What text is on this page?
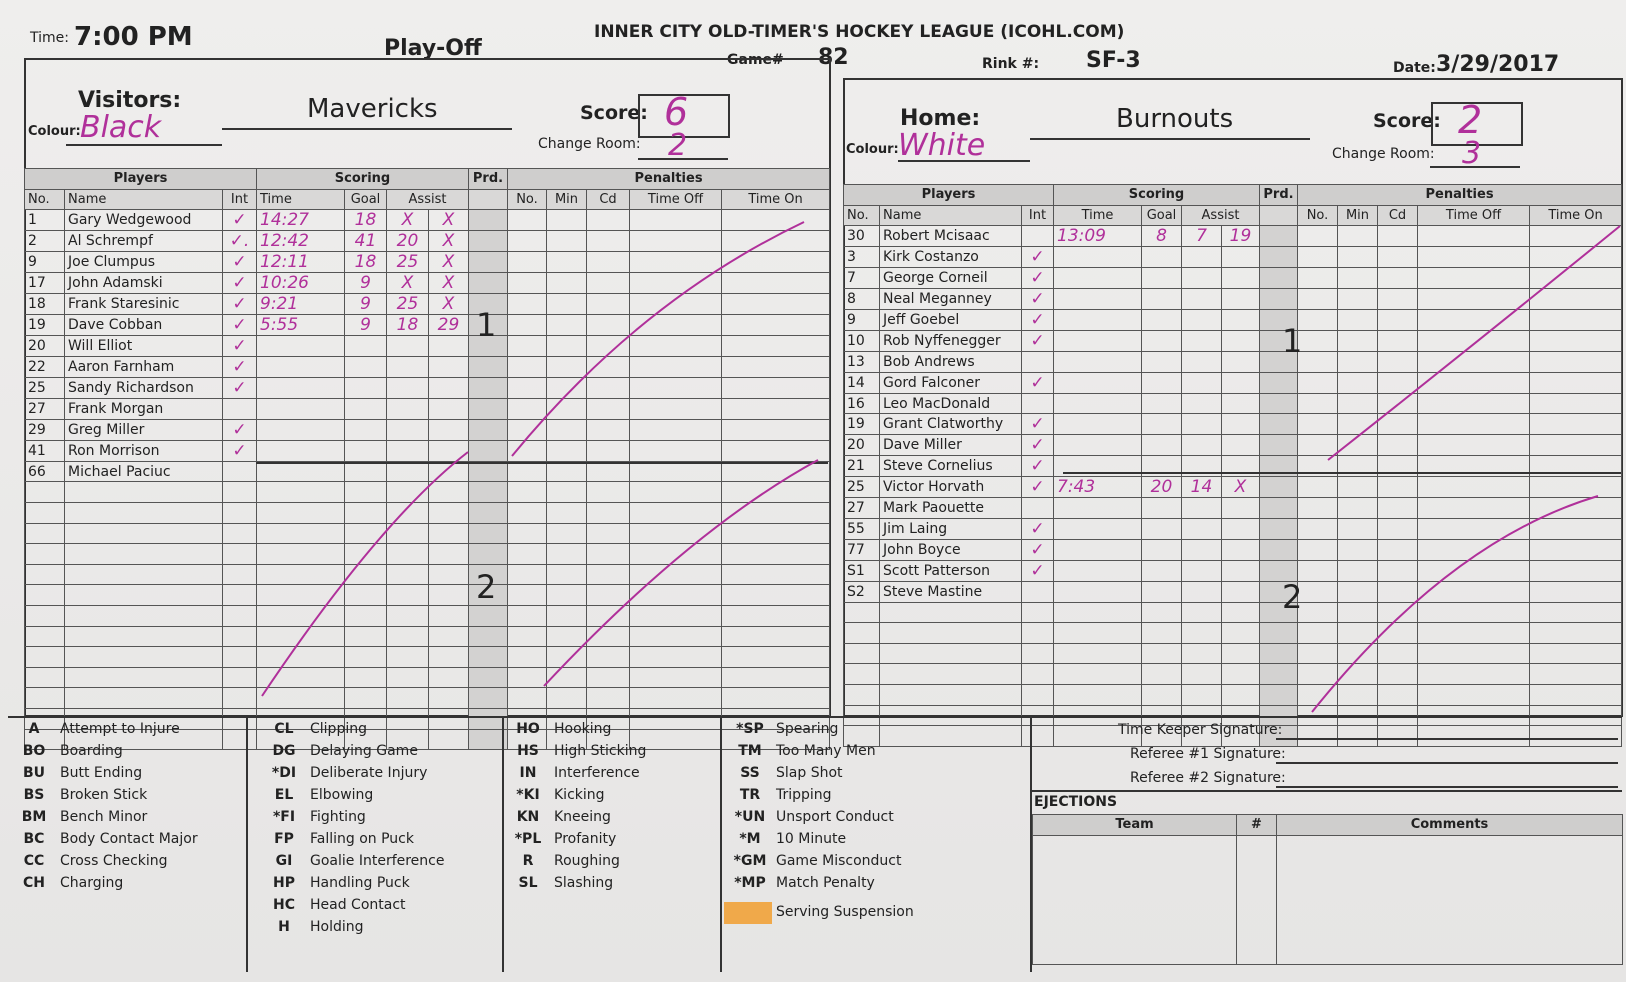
Time: 7:00 PM	Play-Off
INNER CITY OLD-TIMER'S HOCKEY LEAGUE (ICOHL.COM)
Game# 82	Rink #: SF-3	Date: 3/29/2017
Visitors:	Mavericks
Colour: Black	Score: 6
Change Room: 2
Home:	Burnouts
Colour: White
Score: 2
Change Room: 3
Players			Scoring				Prd.	Penalties				
No.	Name	Int	Time	Goal	Assist			No.	Min	Cd	Time Off	Time On
1	Gary Wedgewood	✓	14:27	18	X	X						
2	Al Schrempf	✓.	12:42	41	20	X						
9	Joe Clumpus	✓	12:11	18	25	X						
17	John Adamski	✓	10:26	9	X	X						
18	Frank Staresinic	✓	9:21	9	25	X						
19	Dave Cobban	✓	5:55	9	18	29						
20	Will Elliot	✓										
22	Aaron Farnham	✓										
25	Sandy Richardson	✓										
27	Frank Morgan											
29	Greg Miller	✓										
41	Ron Morrison	✓										
66	Michael Paciuc											

Players			Scoring				Prd.	Penalties				
No.	Name	Int	Time	Goal	Assist			No.	Min	Cd	Time Off	Time On
30	Robert Mcisaac		13:09	8	7	19						
3	Kirk Costanzo	✓										
7	George Corneil	✓										
8	Neal Meganney	✓										
9	Jeff Goebel	✓										
10	Rob Nyffenegger	✓										
13	Bob Andrews											
14	Gord Falconer	✓										
16	Leo MacDonald											
19	Grant Clatworthy	✓										
20	Dave Miller	✓										
21	Steve Cornelius	✓										
25	Victor Horvath	✓	7:43	20	14	X						
27	Mark Paouette											
55	Jim Laing	✓										
77	John Boyce	✓										
S1	Scott Patterson	✓										
S2	Steve Mastine											

1
2
1
2
A	Attempt to Injure
BO	Boarding
BU	Butt Ending
BS	Broken Stick
BM	Bench Minor
BC	Body Contact Major
CC	Cross Checking
CH	Charging
CL	Clipping
DG	Delaying Game
*DI	Deliberate Injury
EL	Elbowing
*FI	Fighting
FP	Falling on Puck
GI	Goalie Interference
HP	Handling Puck
HC	Head Contact
H	Holding
HO	Hooking
HS	High Sticking
IN	Interference
*KI	Kicking
KN	Kneeing
*PL	Profanity
R	Roughing
SL	Slashing
*SP	Spearing
TM	Too Many Men
SS	Slap Shot
TR	Tripping
*UN	Unsport Conduct
*M	10 Minute
*GM	Game Misconduct
*MP	Match Penalty
Serving Suspension
Time Keeper Signature:
Referee #1 Signature:
Referee #2 Signature:
EJECTIONS
Team	#	Comments
